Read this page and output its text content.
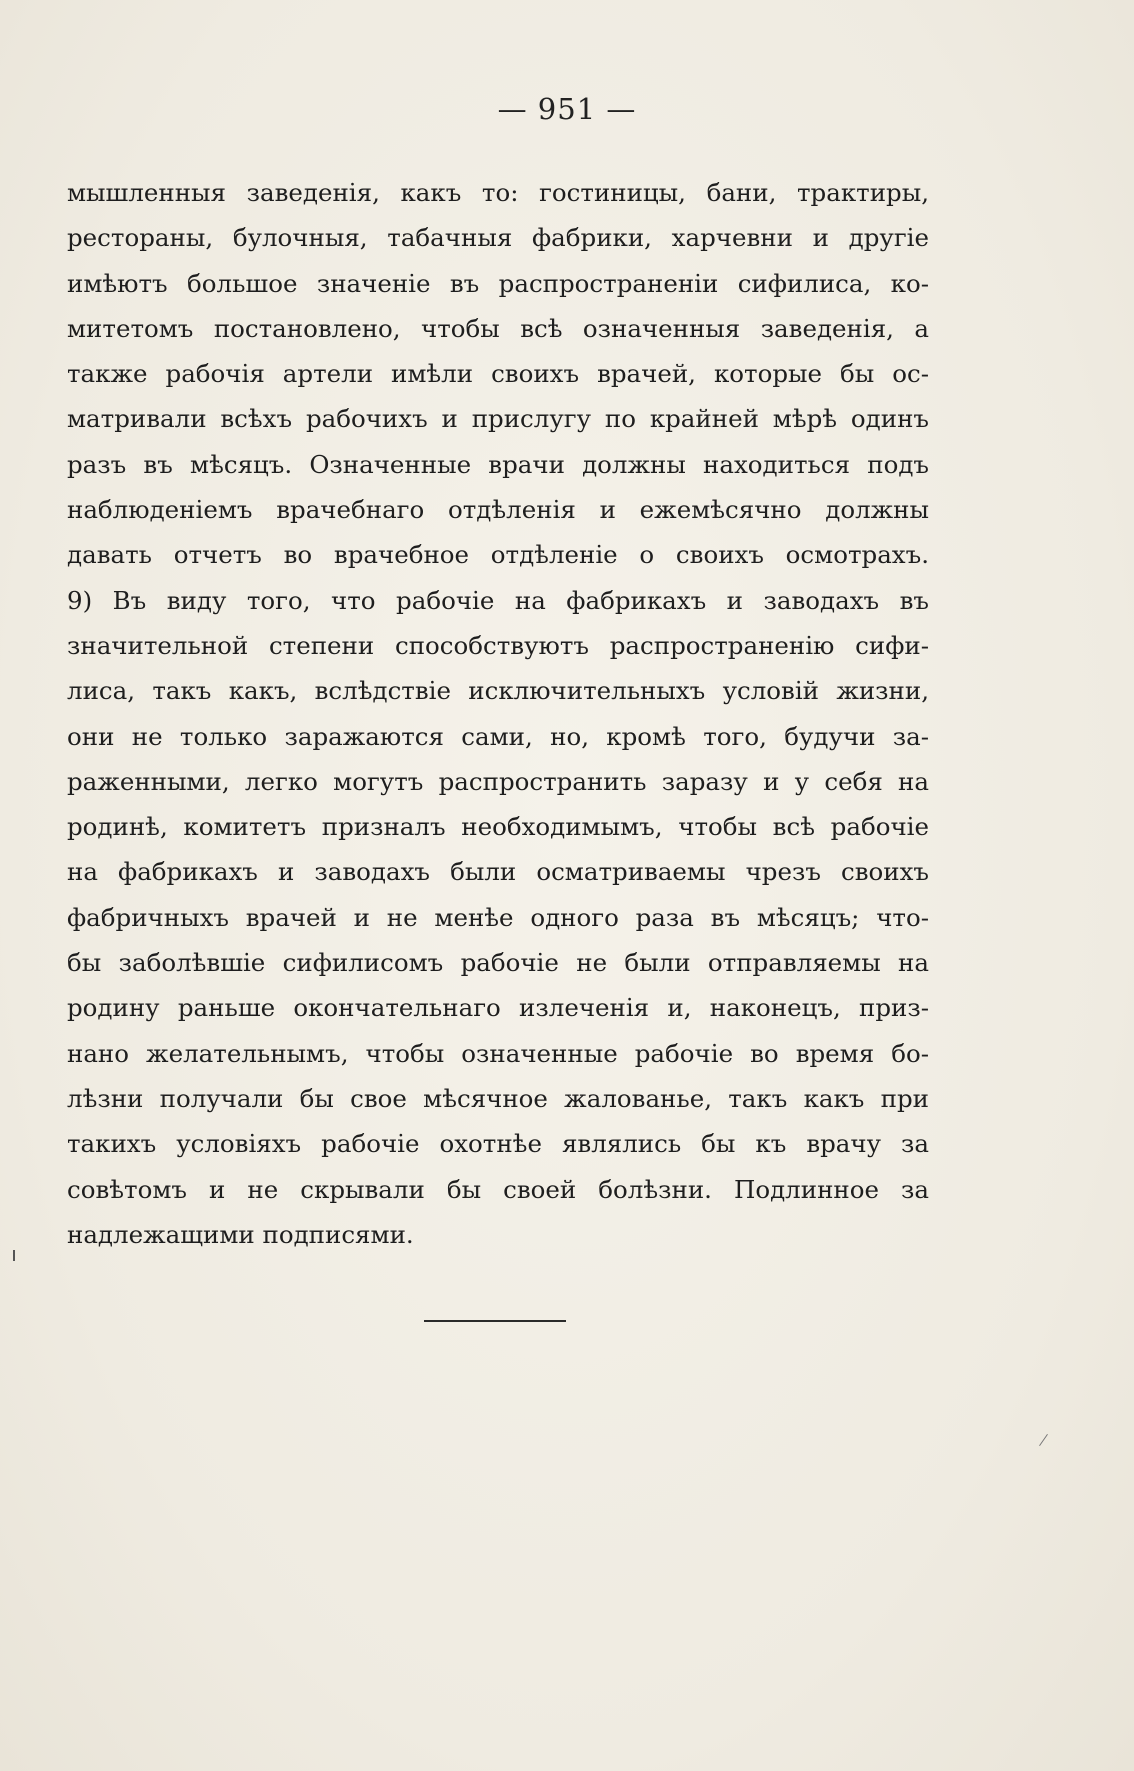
— 951 —
мышленныя заведенія, какъ то: гостиницы, бани, трактиры,
рестораны, булочныя, табачныя фабрики, харчевни и другіе
имѣютъ большое значеніе въ распространеніи сифилиса, ко-
митетомъ постановлено, чтобы всѣ означенныя заведенія, а
также рабочія артели имѣли своихъ врачей, которые бы ос-
матривали всѣхъ рабочихъ и прислугу по крайней мѣрѣ одинъ
разъ въ мѣсяцъ. Означенные врачи должны находиться подъ
наблюденіемъ врачебнаго отдѣленія и ежемѣсячно должны
давать отчетъ во врачебное отдѣленіе о своихъ осмотрахъ.
9) Въ виду того, что рабочіе на фабрикахъ и заводахъ въ
значительной степени способствуютъ распространенію сифи-
лиса, такъ какъ, вслѣдствіе исключительныхъ условій жизни,
они не только заражаются сами, но, кромѣ того, будучи за-
раженными, легко могутъ распространить заразу и у себя на
родинѣ, комитетъ призналъ необходимымъ, чтобы всѣ рабочіе
на фабрикахъ и заводахъ были осматриваемы чрезъ своихъ
фабричныхъ врачей и не менѣе одного раза въ мѣсяцъ; что-
бы заболѣвшіе сифилисомъ рабочіе не были отправляемы на
родину раньше окончательнаго излеченія и, наконецъ, приз-
нано желательнымъ, чтобы означенные рабочіе во время бо-
лѣзни получали бы свое мѣсячное жалованье, такъ какъ при
такихъ условіяхъ рабочіе охотнѣе являлись бы къ врачу за
совѣтомъ и не скрывали бы своей болѣзни. Подлинное за
надлежащими подписями.
